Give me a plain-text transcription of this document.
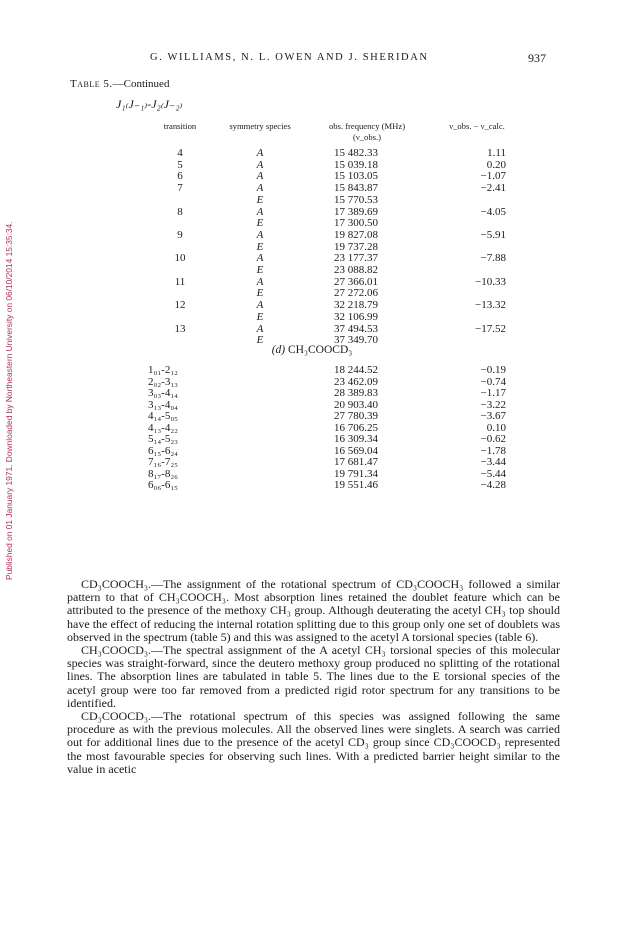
Published on 01 January 1971. Downloaded by Northeastern University on 06/10/2014 15:35:34.
G. WILLIAMS, N. L. OWEN AND J. SHERIDAN	937
Table 5.—Continued
J₁₍J₋₁₎-J₂₍J₋₂₎
transition	symmetry species	obs. frequency (MHz)
(ν_obs.)
ν_obs. − ν_calc.
4	A	15 482.33	1.11
5	A	15 039.18	0.20
6	A	15 103.05	−1.07
7	A	15 843.87	−2.41
E	15 770.53
8	A	17 389.69	−4.05
E	17 300.50
9	A	19 827.08	−5.91
E	19 737.28
10	A	23 177.37	−7.88
E	23 088.82
11	A	27 366.01	−10.33
E	27 272.06
12	A	32 218.79	−13.32
E	32 106.99
13	A	37 494.53	−17.52
E	37 349.70
(d) CH₃COOCD₃
1₀₁-2₁₂	18 244.52	−0.19
2₀₂-3₁₃	23 462.09	−0.74
3₀₃-4₁₄	28 389.83	−1.17
3₁₃-4₀₄	20 903.40	−3.22
4₁₄-5₀₅	27 780.39	−3.67
4₁₃-4₂₂	16 706.25	0.10
5₁₄-5₂₃	16 309.34	−0.62
6₁₅-6₂₄	16 569.04	−1.78
7₁₆-7₂₅	17 681.47	−3.44
8₁₇-8₂₆	19 791.34	−5.44
6₀₆-6₁₅	19 551.46	−4.28

CD₃COOCH₃.—The assignment of the rotational spectrum of CD₃COOCH₃ followed a similar pattern to that of CH₃COOCH₃. Most absorption lines retained the doublet feature which can be attributed to the presence of the methoxy CH₃ group. Although deuterating the acetyl CH₃ top should have the effect of reducing the internal rotation splitting due to this group only one set of doublets was observed in the spectrum (table 5) and this was assigned to the acetyl A torsional species (table 6).

CH₃COOCD₃.—The spectral assignment of the A acetyl CH₃ torsional species of this molecular species was straight-forward, since the deutero methoxy group produced no splitting of the rotational lines. The absorption lines are tabulated in table 5. The lines due to the E torsional species of the acetyl group were too far removed from a predicted rigid rotor spectrum for any transitions to be identified.

CD₃COOCD₃.—The rotational spectrum of this species was assigned following the same procedure as with the previous molecules. All the observed lines were singlets. A search was carried out for additional lines due to the presence of the acetyl CD₃ group since CD₃COOCD₃ represented the most favourable species for observing such lines. With a predicted barrier height similar to the value in acetic
